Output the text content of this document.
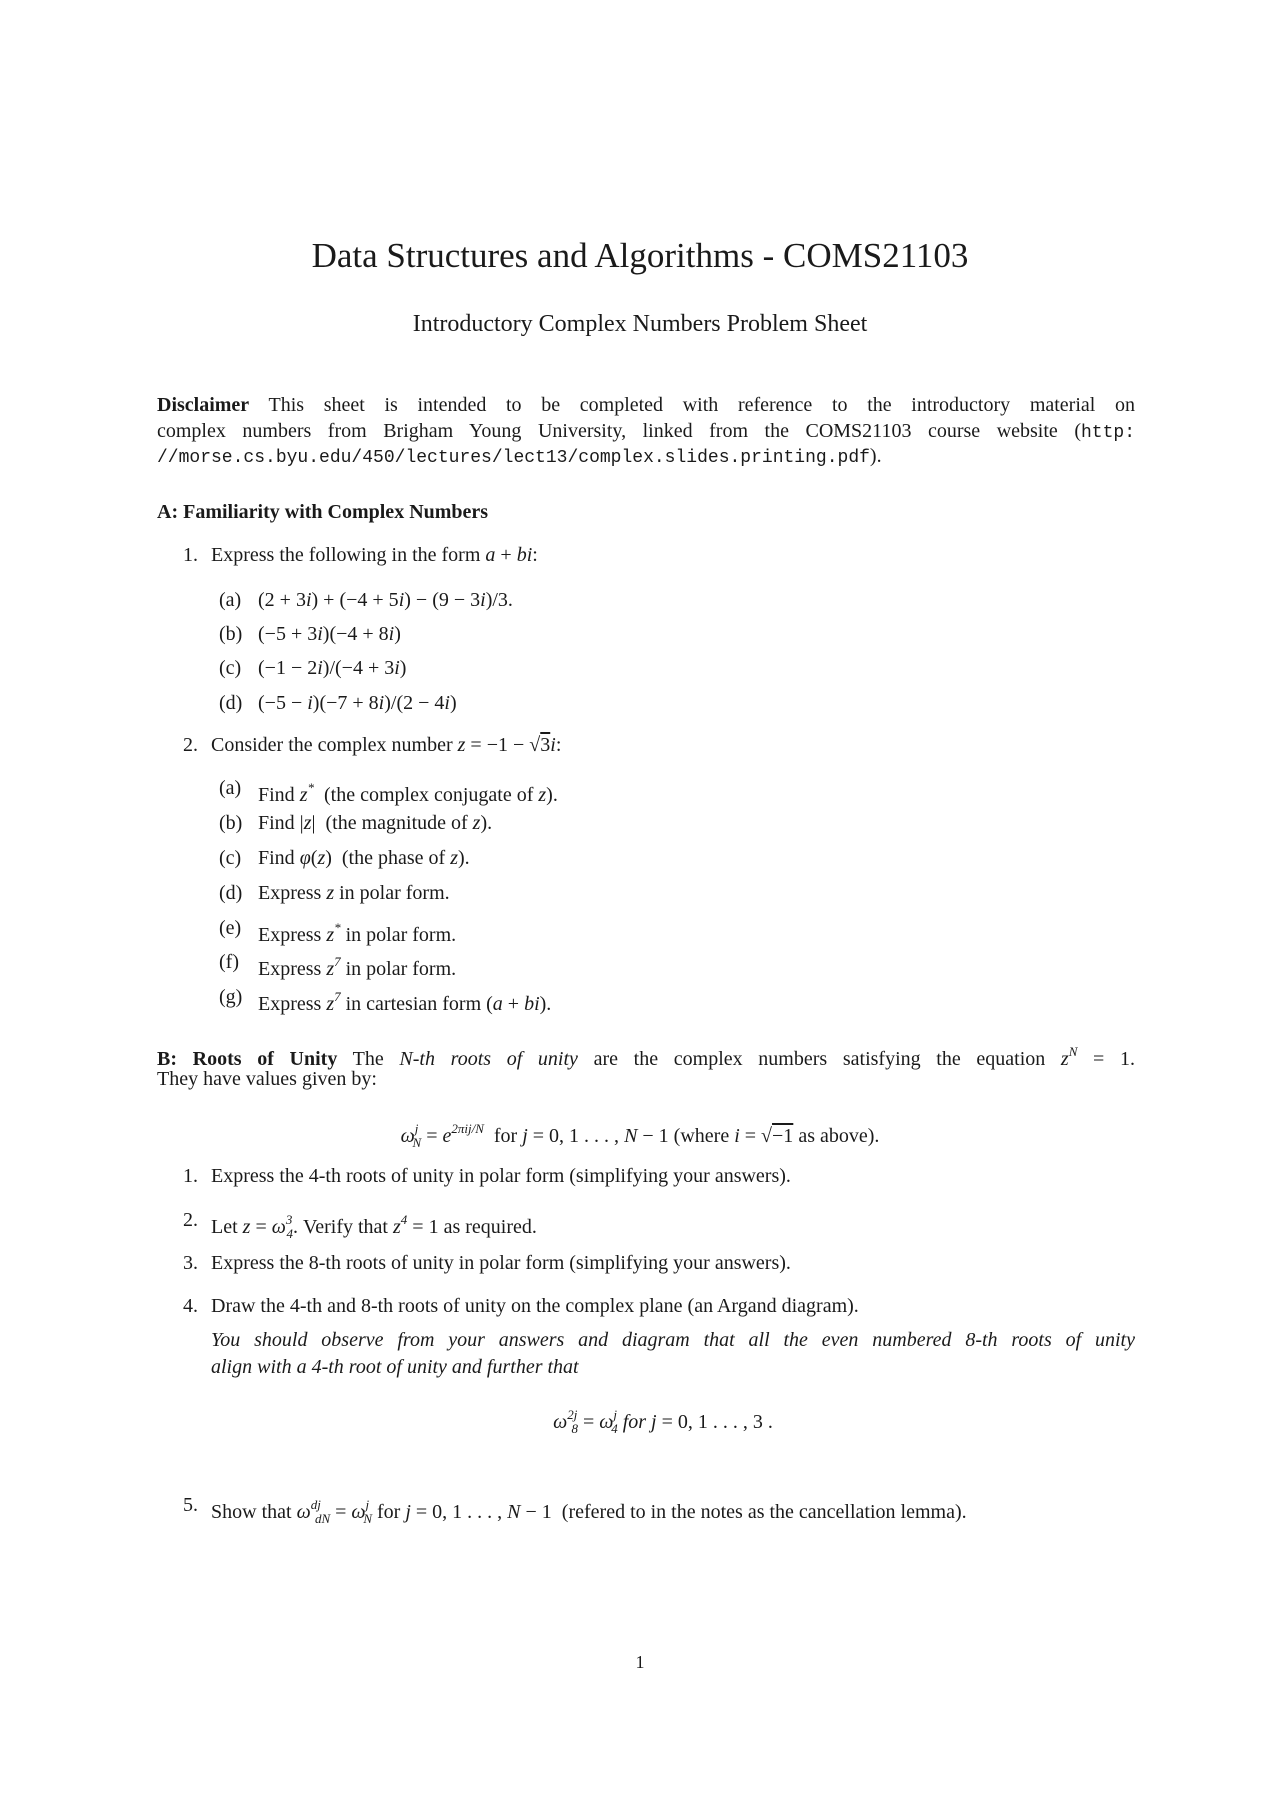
Data Structures and Algorithms - COMS21103
Introductory Complex Numbers Problem Sheet
Disclaimer This sheet is intended to be completed with reference to the introductory material on
complex numbers from Brigham Young University, linked from the COMS21103 course website (http:
//morse.cs.byu.edu/450/lectures/lect13/complex.slides.printing.pdf).
A: Familiarity with Complex Numbers
1. Express the following in the form a + bi:
(a) (2 + 3i) + (−4 + 5i) − (9 − 3i)/3.
(b) (−5 + 3i)(−4 + 8i)
(c) (−1 − 2i)/(−4 + 3i)
(d) (−5 − i)(−7 + 8i)/(2 − 4i)
2. Consider the complex number z = −1 − √3i:
(a) Find z*  (the complex conjugate of z).
(b) Find |z|  (the magnitude of z).
(c) Find φ(z)  (the phase of z).
(d) Express z in polar form.
(e) Express z* in polar form.
(f) Express $z^7$ in polar form.
(g) Express $z^7$ in cartesian form (a + bi).
B: Roots of Unity The N-th roots of unity are the complex numbers satisfying the equation $z^N = 1$.
They have values given by:
$\omega^j_N = e^{2\pi ij/N}$  for j = 0, 1 . . . , N − 1 (where i = √−1 as above).
1. Express the 4-th roots of unity in polar form (simplifying your answers).
2. Let $z = \omega^3_4$. Verify that $z^4 = 1$ as required.
3. Express the 8-th roots of unity in polar form (simplifying your answers).
4. Draw the 4-th and 8-th roots of unity on the complex plane (an Argand diagram).
You should observe from your answers and diagram that all the even numbered 8-th roots of unity
align with a 4-th root of unity and further that
$\omega^{2j}_8 = \omega^j_4$ for j = 0, 1 . . . , 3 .
5. Show that $\omega^{dj}_{dN} = \omega^j_N$ for j = 0, 1 . . . , N − 1  (refered to in the notes as the cancellation lemma).
1
